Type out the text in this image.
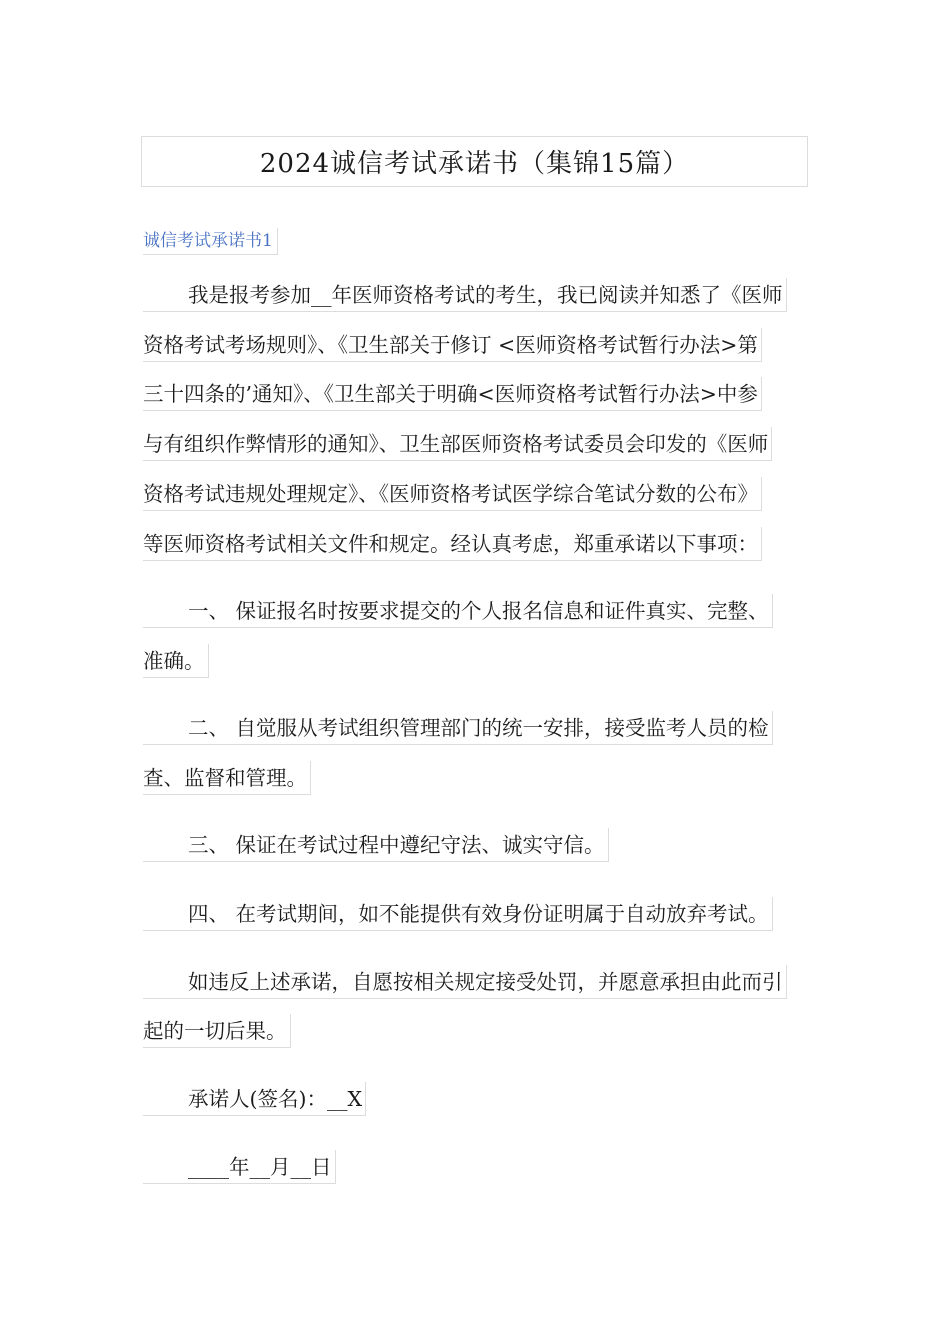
2024诚信考试承诺书（集锦15篇）
诚信考试承诺书1
我是报考参加__年医师资格考试的考生，我已阅读并知悉了《医师
资格考试考场规则》、《卫生部关于修订 <医师资格考试暂行办法>第
三十四条的’通知》、《卫生部关于明确<医师资格考试暂行办法>中参
与有组织作弊情形的通知》、卫生部医师资格考试委员会印发的《医师
资格考试违规处理规定》、《医师资格考试医学综合笔试分数的公布》
等医师资格考试相关文件和规定。经认真考虑，郑重承诺以下事项：
一、 保证报名时按要求提交的个人报名信息和证件真实、完整、
准确。
二、 自觉服从考试组织管理部门的统一安排，接受监考人员的检
查、监督和管理。
三、 保证在考试过程中遵纪守法、诚实守信。
四、 在考试期间，如不能提供有效身份证明属于自动放弃考试。
如违反上述承诺，自愿按相关规定接受处罚，并愿意承担由此而引
起的一切后果。
承诺人(签名)：__X
____年__月__日
